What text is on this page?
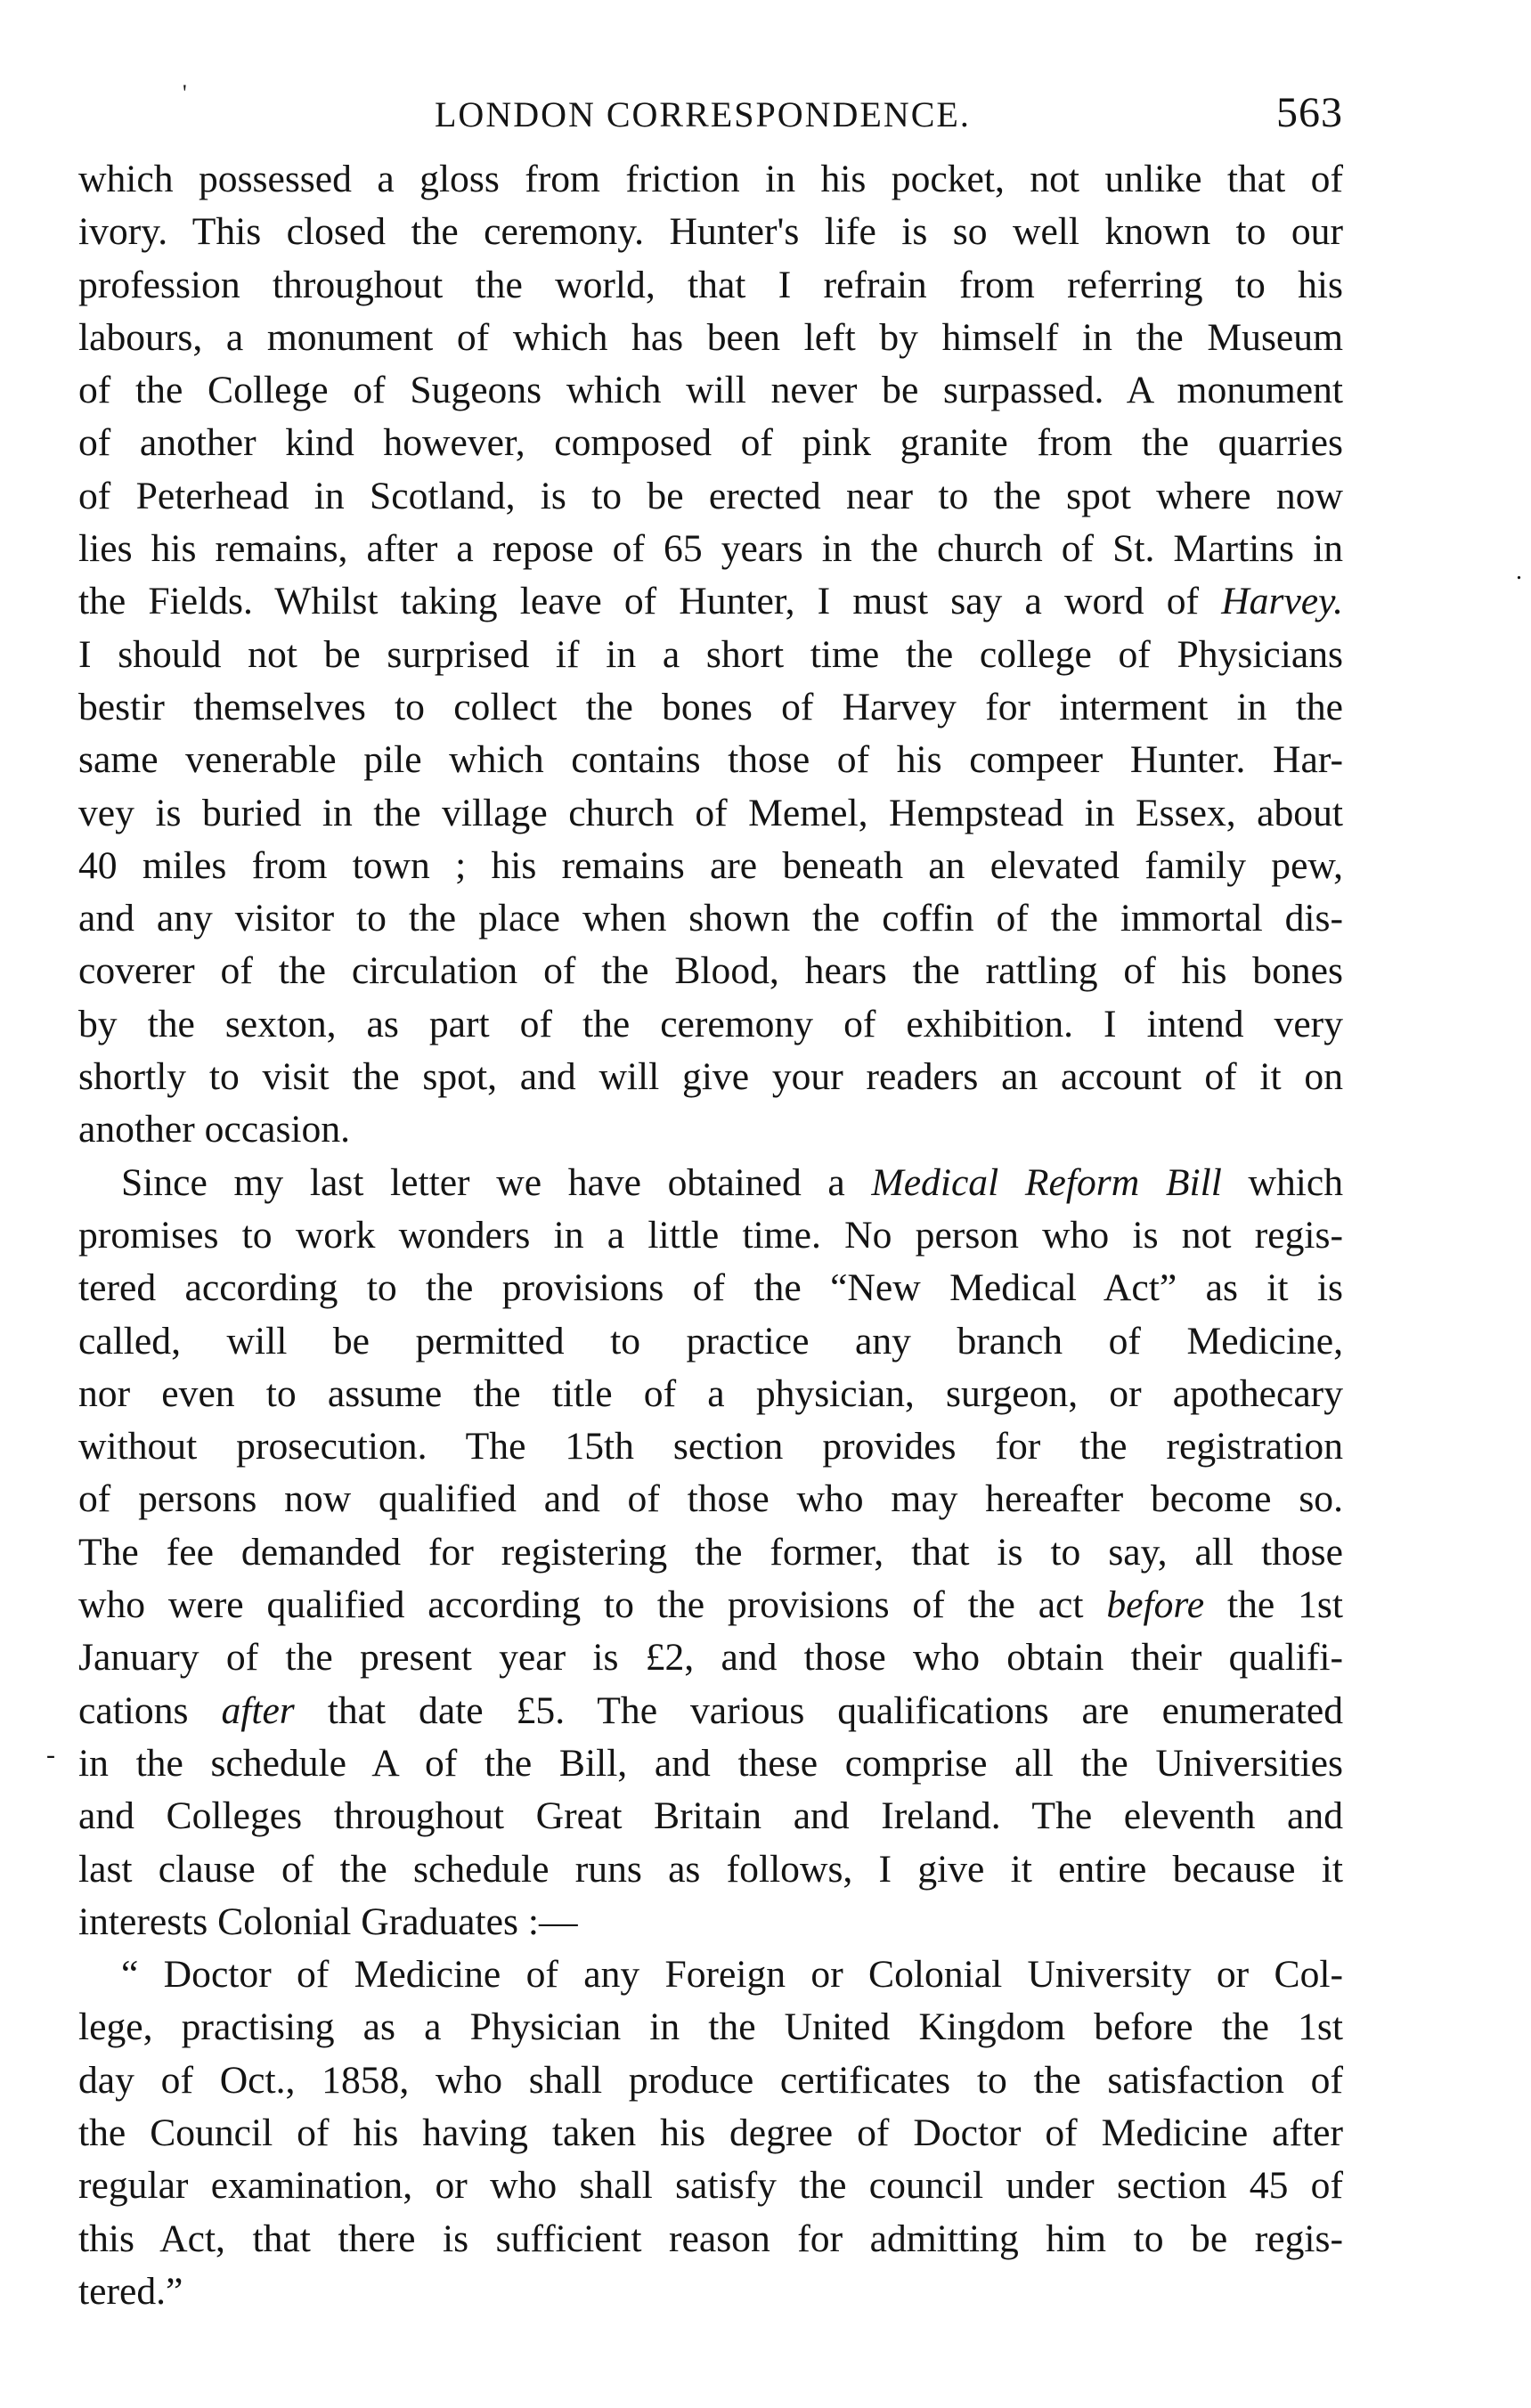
'
-
.
LONDON CORRESPONDENCE.	563
which possessed a gloss from friction in his pocket, not unlike that of
ivory. This closed the ceremony. Hunter's life is so well known to our
profession throughout the world, that I refrain from referring to his
labours, a monument of which has been left by himself in the Museum
of the College of Sugeons which will never be surpassed. A monument
of another kind however, composed of pink granite from the quarries
of Peterhead in Scotland, is to be erected near to the spot where now
lies his remains, after a repose of 65 years in the church of St. Martins in
the Fields. Whilst taking leave of Hunter, I must say a word of Harvey.
I should not be surprised if in a short time the college of Physicians
bestir themselves to collect the bones of Harvey for interment in the
same venerable pile which contains those of his compeer Hunter. Har-
vey is buried in the village church of Memel, Hempstead in Essex, about
40 miles from town ; his remains are beneath an elevated family pew,
and any visitor to the place when shown the coffin of the immortal dis-
coverer of the circulation of the Blood, hears the rattling of his bones
by the sexton, as part of the ceremony of exhibition. I intend very
shortly to visit the spot, and will give your readers an account of it on
another occasion.
Since my last letter we have obtained a Medical Reform Bill which
promises to work wonders in a little time. No person who is not regis-
tered according to the provisions of the “New Medical Act” as it is
called, will be permitted to practice any branch of Medicine,
nor even to assume the title of a physician, surgeon, or apothecary
without prosecution. The 15th section provides for the registration
of persons now qualified and of those who may hereafter become so.
The fee demanded for registering the former, that is to say, all those
who were qualified according to the provisions of the act before the 1st
January of the present year is £2, and those who obtain their qualifi-
cations after that date £5. The various qualifications are enumerated
in the schedule A of the Bill, and these comprise all the Universities
and Colleges throughout Great Britain and Ireland. The eleventh and
last clause of the schedule runs as follows, I give it entire because it
interests Colonial Graduates :—
“ Doctor of Medicine of any Foreign or Colonial University or Col-
lege, practising as a Physician in the United Kingdom before the 1st
day of Oct., 1858, who shall produce certificates to the satisfaction of
the Council of his having taken his degree of Doctor of Medicine after
regular examination, or who shall satisfy the council under section 45 of
this Act, that there is sufficient reason for admitting him to be regis-
tered.”
